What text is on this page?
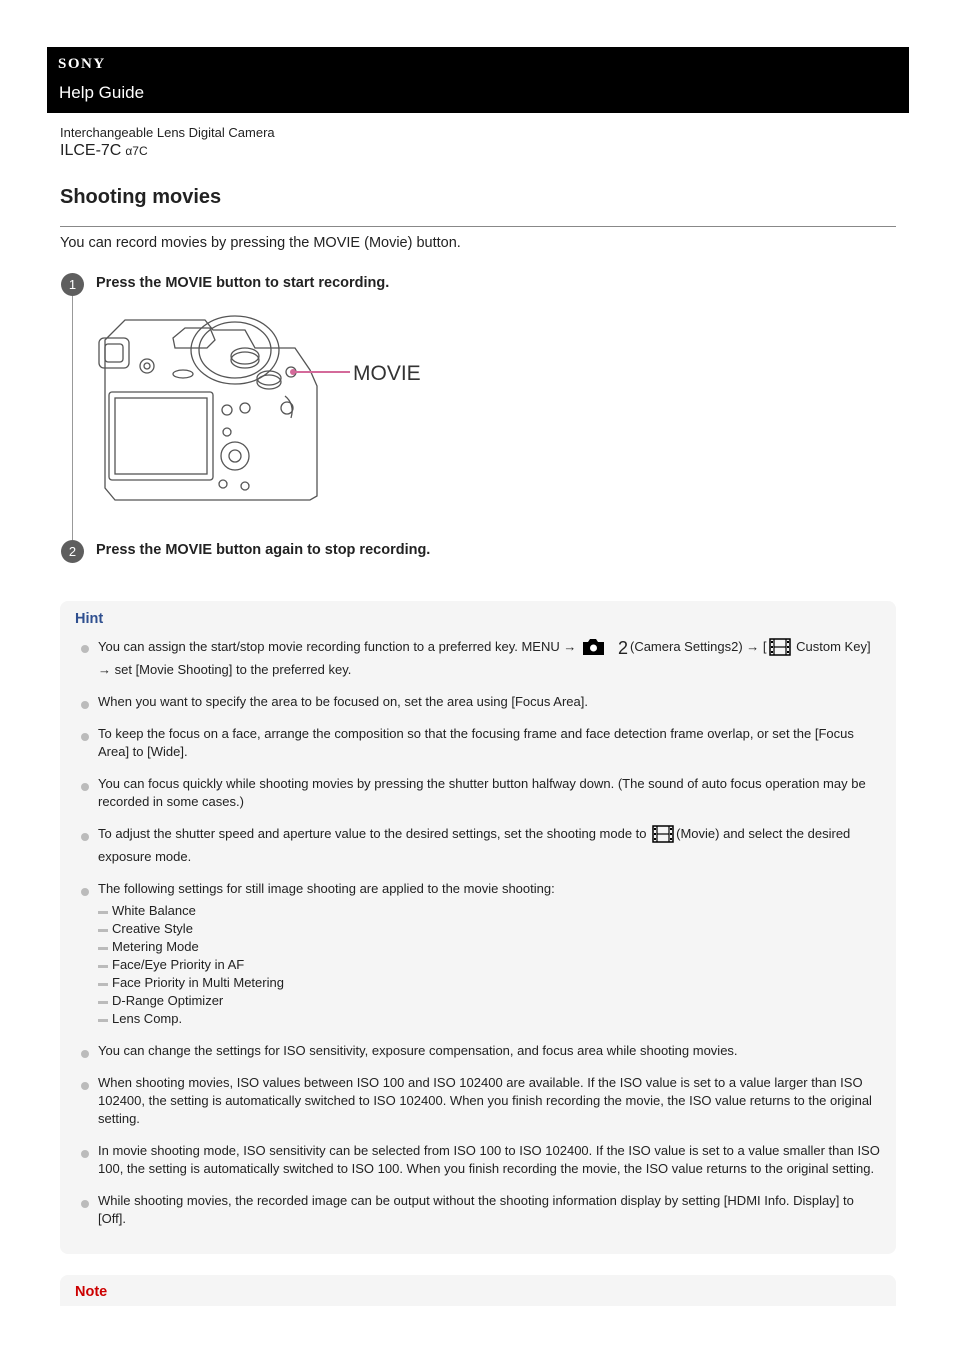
SONY
Help Guide
Interchangeable Lens Digital Camera
ILCE-7C α7C
Shooting movies
You can record movies by pressing the MOVIE (Movie) button.
1	Press the MOVIE button to start recording.
MOVIE
2	Press the MOVIE button again to stop recording.
Hint
You can assign the start/stop movie recording function to a preferred key. MENU → 2 (Camera Settings2) → [ Custom Key] → set [Movie Shooting] to the preferred key.
When you want to specify the area to be focused on, set the area using [Focus Area].
To keep the focus on a face, arrange the composition so that the focusing frame and face detection frame overlap, or set the [Focus Area] to [Wide].
You can focus quickly while shooting movies by pressing the shutter button halfway down. (The sound of auto focus operation may be recorded in some cases.)
To adjust the shutter speed and aperture value to the desired settings, set the shooting mode to (Movie) and select the desired exposure mode.
The following settings for still image shooting are applied to the movie shooting:
White Balance
Creative Style
Metering Mode
Face/Eye Priority in AF
Face Priority in Multi Metering
D-Range Optimizer
Lens Comp.
You can change the settings for ISO sensitivity, exposure compensation, and focus area while shooting movies.
When shooting movies, ISO values between ISO 100 and ISO 102400 are available. If the ISO value is set to a value larger than ISO 102400, the setting is automatically switched to ISO 102400. When you finish recording the movie, the ISO value returns to the original setting.
In movie shooting mode, ISO sensitivity can be selected from ISO 100 to ISO 102400. If the ISO value is set to a value smaller than ISO 100, the setting is automatically switched to ISO 100. When you finish recording the movie, the ISO value returns to the original setting.
While shooting movies, the recorded image can be output without the shooting information display by setting [HDMI Info. Display] to [Off].
Note
